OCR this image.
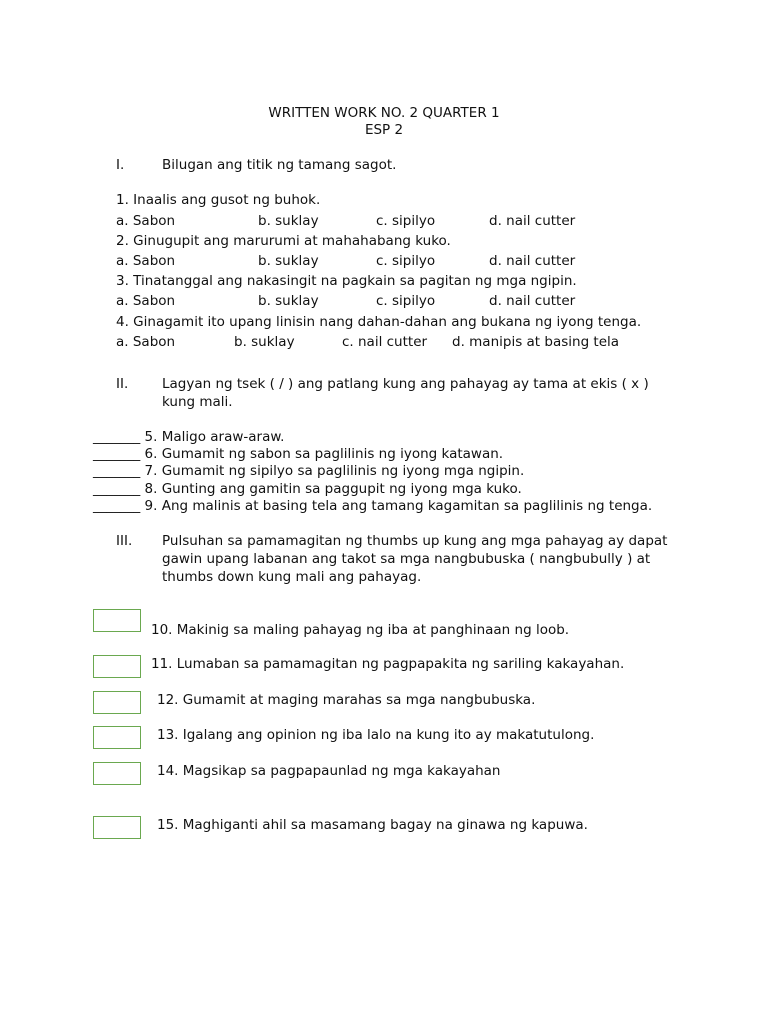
WRITTEN WORK NO. 2 QUARTER 1
ESP 2
I.	Bilugan ang titik ng tamang sagot.
1. Inaalis ang gusot ng buhok.
a. Sabon	b. suklay	c. sipilyo	d. nail cutter
2. Ginugupit ang marurumi at mahahabang kuko.
a. Sabon	b. suklay	c. sipilyo	d. nail cutter
3. Tinatanggal ang nakasingit na pagkain sa pagitan ng mga ngipin.
a. Sabon	b. suklay	c. sipilyo	d. nail cutter
4. Ginagamit ito upang linisin nang dahan-dahan ang bukana ng iyong tenga.
a. Sabon	b. suklay	c. nail cutter d. manipis at basing tela
II. Lagyan ng tsek ( / ) ang patlang kung ang pahayag ay tama at ekis ( x )
kung mali.
_______ 5. Maligo araw-araw.
_______ 6. Gumamit ng sabon sa paglilinis ng iyong katawan.
_______ 7. Gumamit ng sipilyo sa paglilinis ng iyong mga ngipin.
_______ 8. Gunting ang gamitin sa paggupit ng iyong mga kuko.
_______ 9. Ang malinis at basing tela ang tamang kagamitan sa paglilinis ng tenga.
III. Pulsuhan sa pamamagitan ng thumbs up kung ang mga pahayag ay dapat
gawin upang labanan ang takot sa mga nangbubuska ( nangbubully ) at
thumbs down kung mali ang pahayag.
10. Makinig sa maling pahayag ng iba at panghinaan ng loob.
11. Lumaban sa pamamagitan ng pagpapakita ng sariling kakayahan.
12. Gumamit at maging marahas sa mga nangbubuska.
13. Igalang ang opinion ng iba lalo na kung ito ay makatutulong.
14. Magsikap sa pagpapaunlad ng mga kakayahan
15. Maghiganti ahil sa masamang bagay na ginawa ng kapuwa.
